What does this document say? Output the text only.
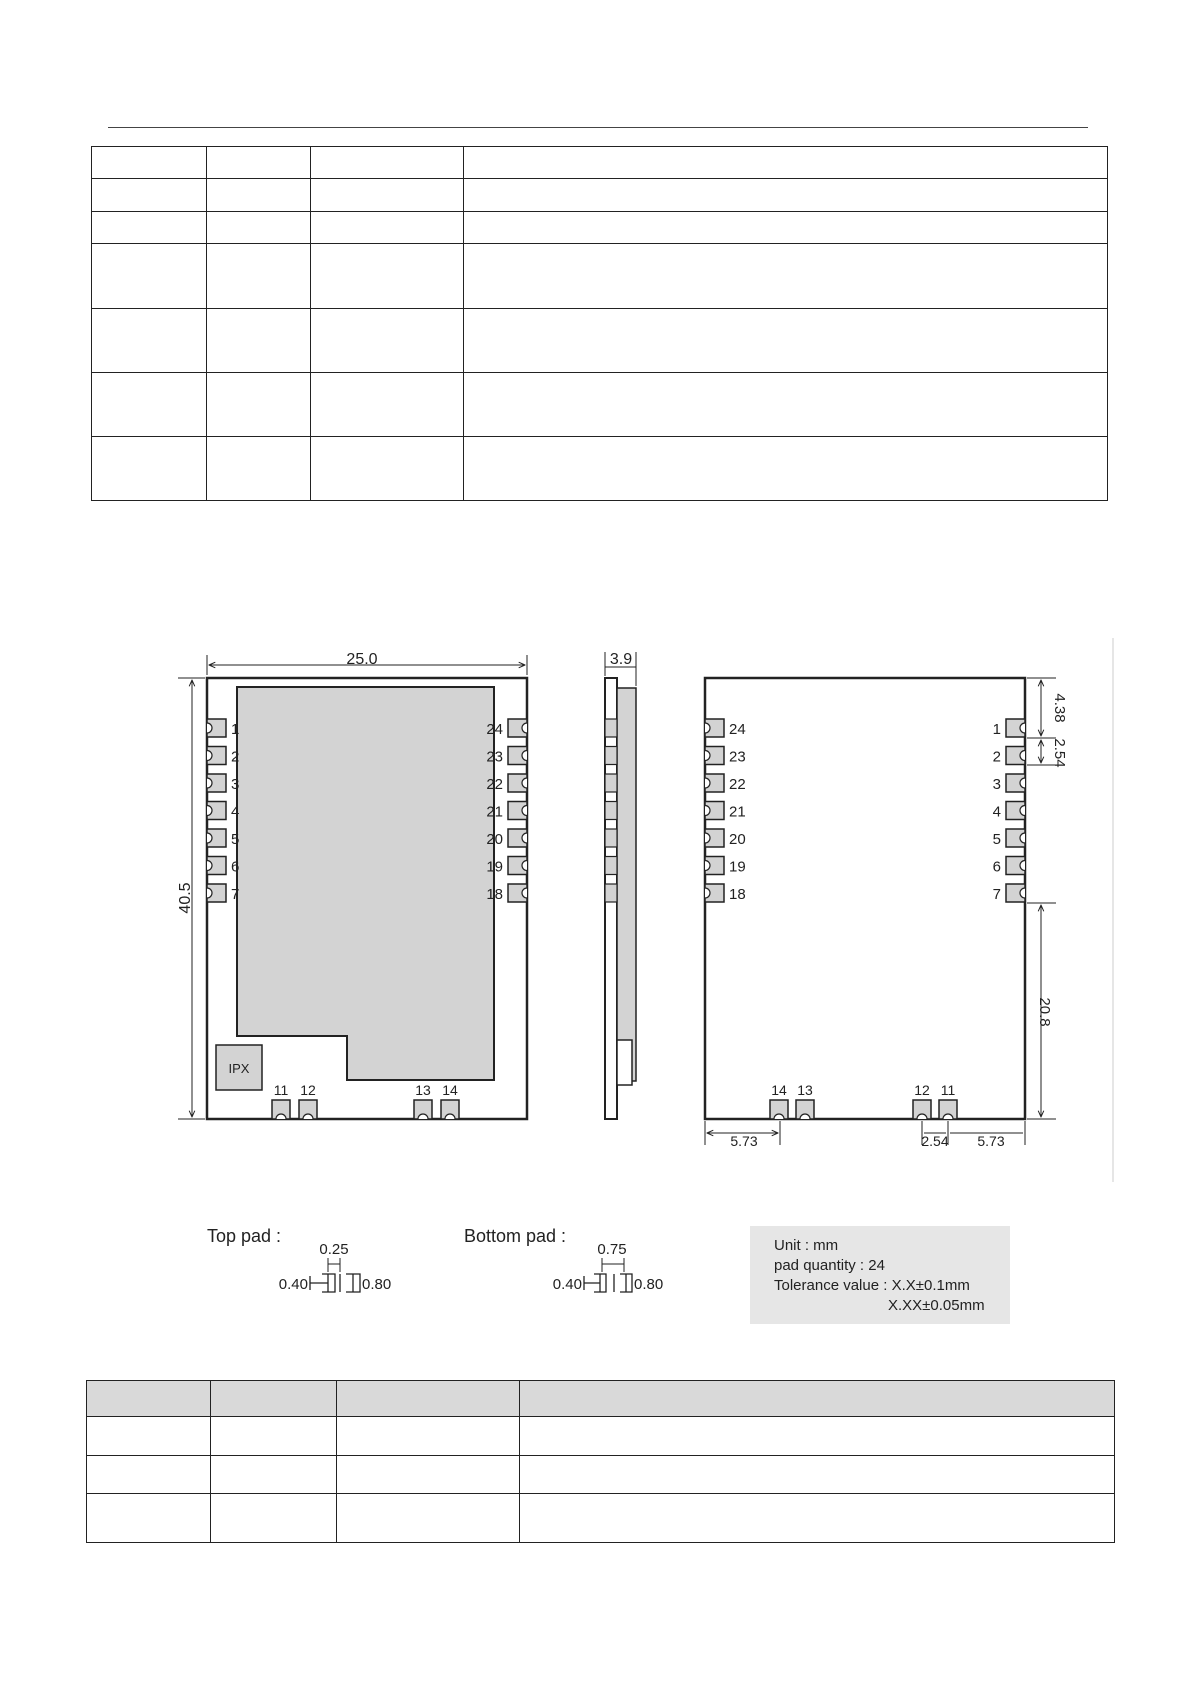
IPX
1
2
3
4
5
6
7
24
23
22
21
20
19
18
11 12	13 14
25.0
40.5
3.9
24
23
22
21
20
19
18
1
2
3
4
5
6
7
14 13	12 11
4.38
2.54
20.8
5.73	2.54 5.73
Top pad :
0.25
0.40	0.80
Bottom pad :
0.75
0.40	0.80
Unit : mm
pad quantity : 24
Tolerance value : X.X±0.1mm
X.XX±0.05mm
